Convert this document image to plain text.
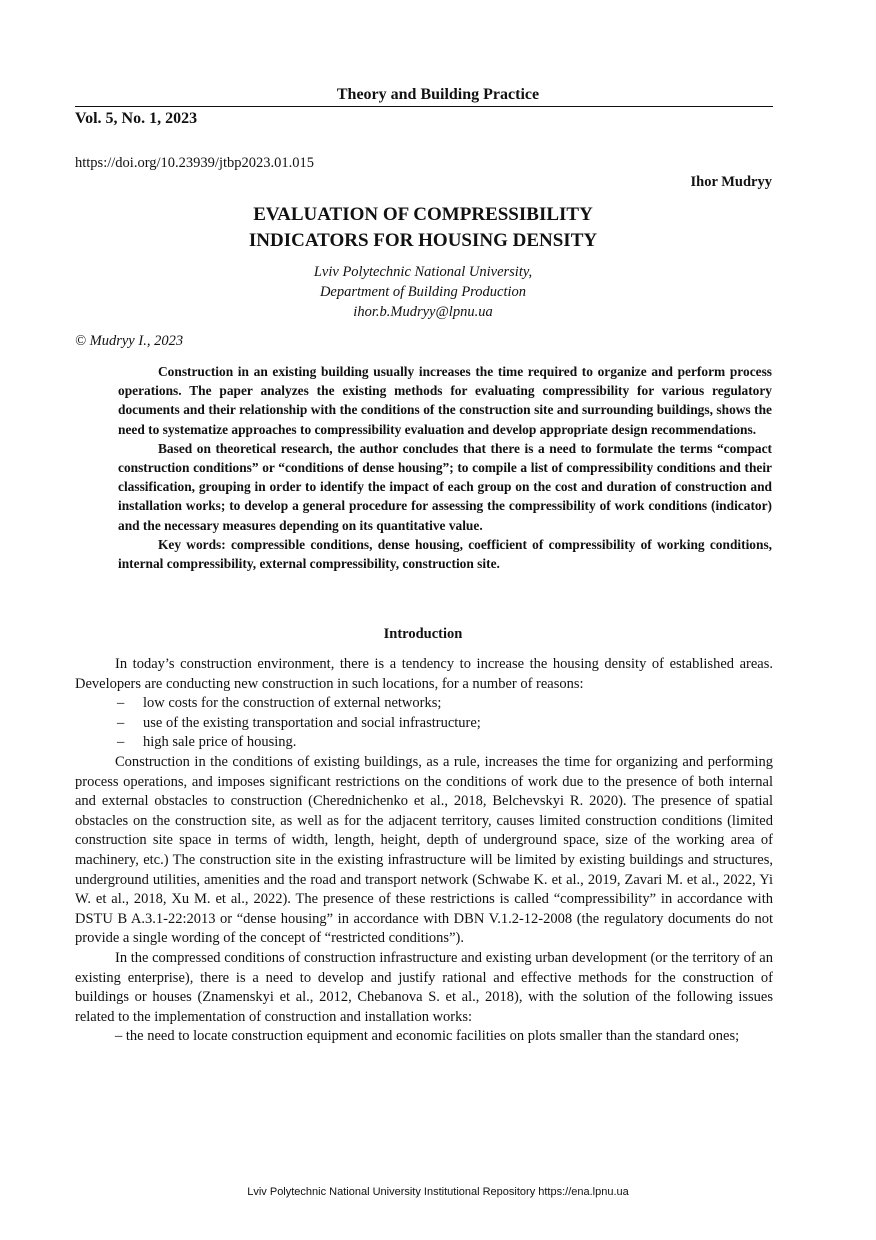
Theory and Building Practice
Vol. 5, No. 1, 2023
https://doi.org/10.23939/jtbp2023.01.015
Ihor Mudryy
EVALUATION OF COMPRESSIBILITY
INDICATORS FOR HOUSING DENSITY
Lviv Polytechnic National University,
Department of Building Production
ihor.b.Mudryy@lpnu.ua
© Mudryy I., 2023

Construction in an existing building usually increases the time required to organize and perform process operations. The paper analyzes the existing methods for evaluating compressibility for various regulatory documents and their relationship with the conditions of the construction site and surrounding buildings, shows the need to systematize approaches to compressibility evaluation and develop appropriate design recommendations.

Based on theoretical research, the author concludes that there is a need to formulate the terms “compact construction conditions” or “conditions of dense housing”; to compile a list of compressibility conditions and their classification, grouping in order to identify the impact of each group on the cost and duration of construction and installation works; to develop a general procedure for assessing the compressibility of work conditions (indicator) and the necessary measures depending on its quantitative value.

Key words: compressible conditions, dense housing, coefficient of compressibility of working conditions, internal compressibility, external compressibility, construction site.

Introduction

In today’s construction environment, there is a tendency to increase the housing density of established areas. Developers are conducting new construction in such locations, for a number of reasons:

– low costs for the construction of external networks;

– use of the existing transportation and social infrastructure;

– high sale price of housing.

Construction in the conditions of existing buildings, as a rule, increases the time for organizing and performing process operations, and imposes significant restrictions on the conditions of work due to the presence of both internal and external obstacles to construction (Cherednichenko et al., 2018, Belchevskyi R. 2020). The presence of spatial obstacles on the construction site, as well as for the adjacent territory, causes limited construction conditions (limited construction site space in terms of width, length, height, depth of underground space, size of the working area of machinery, etc.) The construction site in the existing infrastructure will be limited by existing buildings and structures, underground utilities, amenities and the road and transport network (Schwabe K. et al., 2019, Zavari M. et al., 2022, Yi W. et al., 2018, Xu M. et al., 2022). The presence of these restrictions is called “compressibility” in accordance with DSTU B A.3.1-22:2013 or “dense housing” in accordance with DBN V.1.2-12-2008 (the regulatory documents do not provide a single wording of the concept of “restricted conditions”).

In the compressed conditions of construction infrastructure and existing urban development (or the territory of an existing enterprise), there is a need to develop and justify rational and effective methods for the construction of buildings or houses (Znamenskyi et al., 2012, Chebanova S. et al., 2018), with the solution of the following issues related to the implementation of construction and installation works:

– the need to locate construction equipment and economic facilities on plots smaller than the standard ones;

Lviv Polytechnic National University Institutional Repository https://ena.lpnu.ua
